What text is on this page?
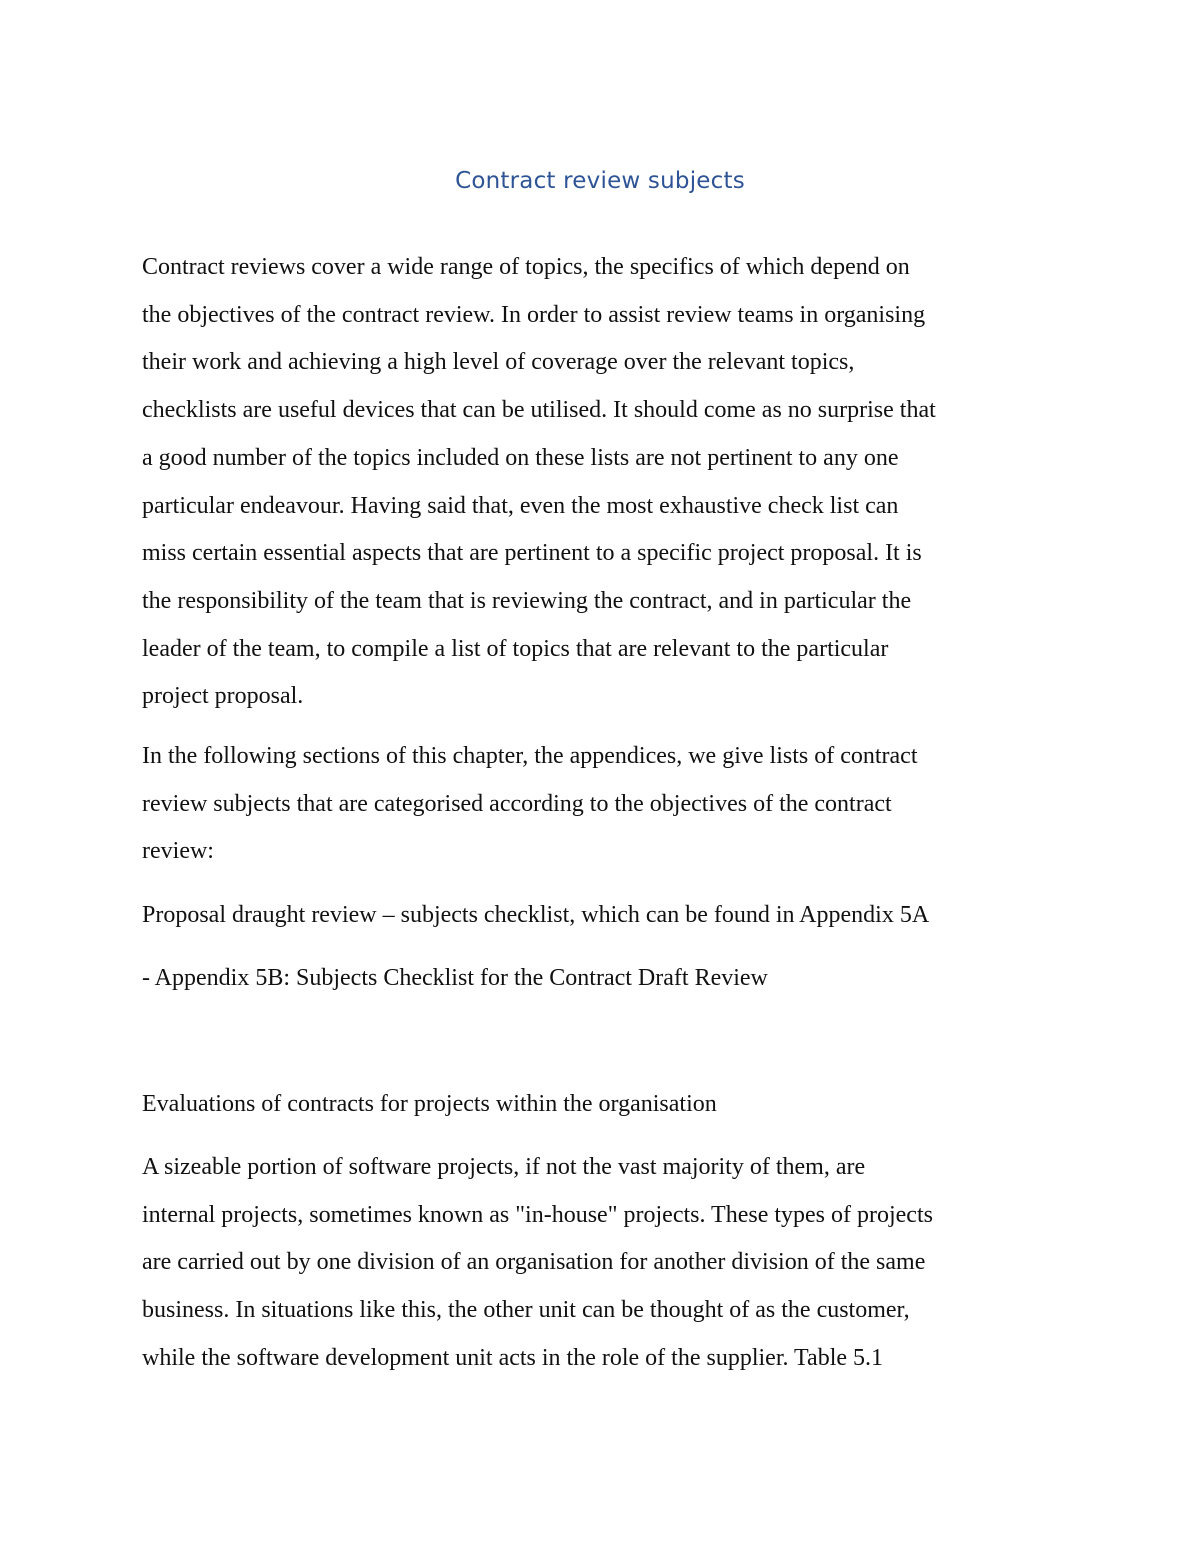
Contract review subjects
Contract reviews cover a wide range of topics, the specifics of which depend on
the objectives of the contract review. In order to assist review teams in organising
their work and achieving a high level of coverage over the relevant topics,
checklists are useful devices that can be utilised. It should come as no surprise that
a good number of the topics included on these lists are not pertinent to any one
particular endeavour. Having said that, even the most exhaustive check list can
miss certain essential aspects that are pertinent to a specific project proposal. It is
the responsibility of the team that is reviewing the contract, and in particular the
leader of the team, to compile a list of topics that are relevant to the particular
project proposal.
In the following sections of this chapter, the appendices, we give lists of contract
review subjects that are categorised according to the objectives of the contract
review:
Proposal draught review – subjects checklist, which can be found in Appendix 5A
- Appendix 5B: Subjects Checklist for the Contract Draft Review
Evaluations of contracts for projects within the organisation
A sizeable portion of software projects, if not the vast majority of them, are
internal projects, sometimes known as "in-house" projects. These types of projects
are carried out by one division of an organisation for another division of the same
business. In situations like this, the other unit can be thought of as the customer,
while the software development unit acts in the role of the supplier. Table 5.1
